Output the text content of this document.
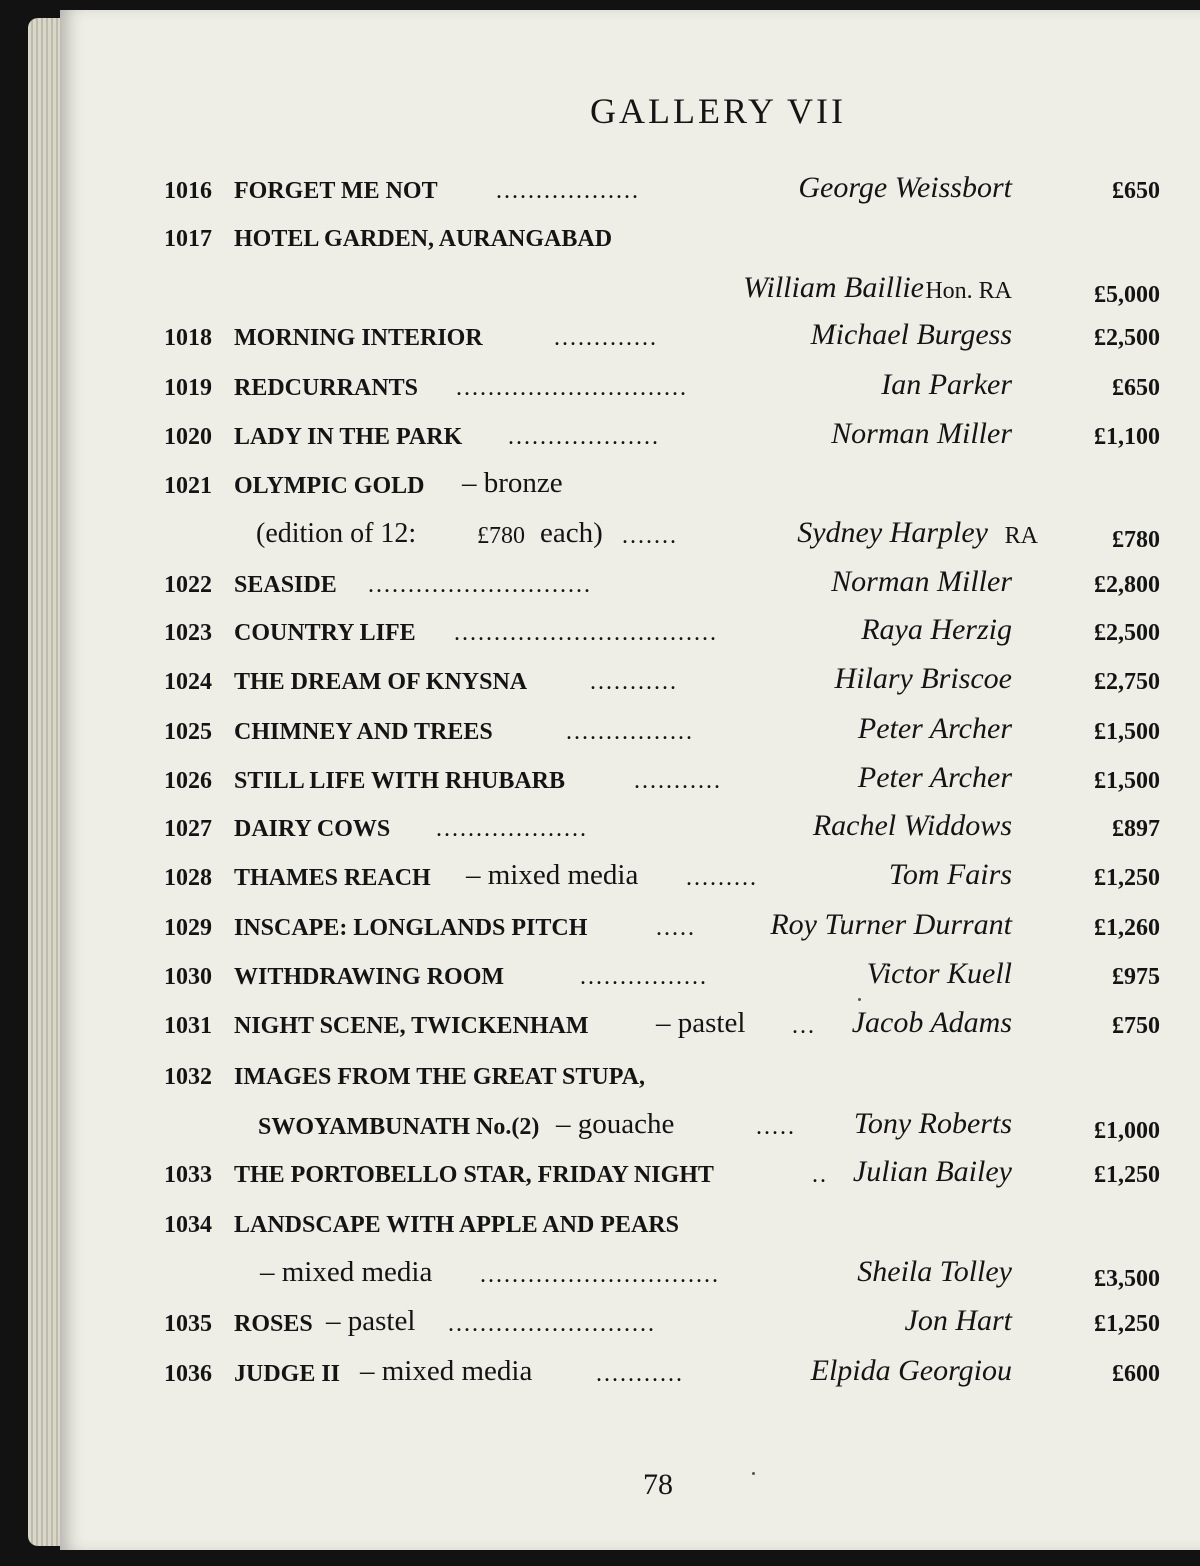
GALLERY VII
1016 FORGET ME NOT ..................	George Weissbort	£650
1017 HOTEL GARDEN, AURANGABAD
William Baillie Hon. RA	£5,000
1018 MORNING INTERIOR	.............	Michael Burgess	£2,500
1019 REDCURRANTS .............................	Ian Parker	£650
1020 LADY IN THE PARK ...................	Norman Miller	£1,100
1021 OLYMPIC GOLD – bronze
(edition of 12:	£780 each) .......	Sydney Harpley RA	£780
1022 SEASIDE ............................	Norman Miller	£2,800
1023 COUNTRY LIFE .................................	Raya Herzig	£2,500
1024 THE DREAM OF KNYSNA	...........	Hilary Briscoe	£2,750
1025 CHIMNEY AND TREES	................	Peter Archer	£1,500
1026 STILL LIFE WITH RHUBARB	...........	Peter Archer	£1,500
1027 DAIRY COWS ...................	Rachel Widdows	£897
1028 THAMES REACH – mixed media .........	Tom Fairs	£1,250
1029 INSCAPE: LONGLANDS PITCH	..... Roy Turner Durrant	£1,260
1030 WITHDRAWING ROOM	................	Victor Kuell	£975
1031 NIGHT SCENE, TWICKENHAM – pastel ... Jacob Adams	£750
1032 IMAGES FROM THE GREAT STUPA,
SWOYAMBUNATH No.(2) – gouache	..... Tony Roberts	£1,000
1033 THE PORTOBELLO STAR, FRIDAY NIGHT	.. Julian Bailey	£1,250
1034 LANDSCAPE WITH APPLE AND PEARS
– mixed media ..............................	Sheila Tolley	£3,500
1035 ROSES – pastel ..........................	Jon Hart	£1,250
1036 JUDGE II – mixed media	...........	Elpida Georgiou	£600
78
